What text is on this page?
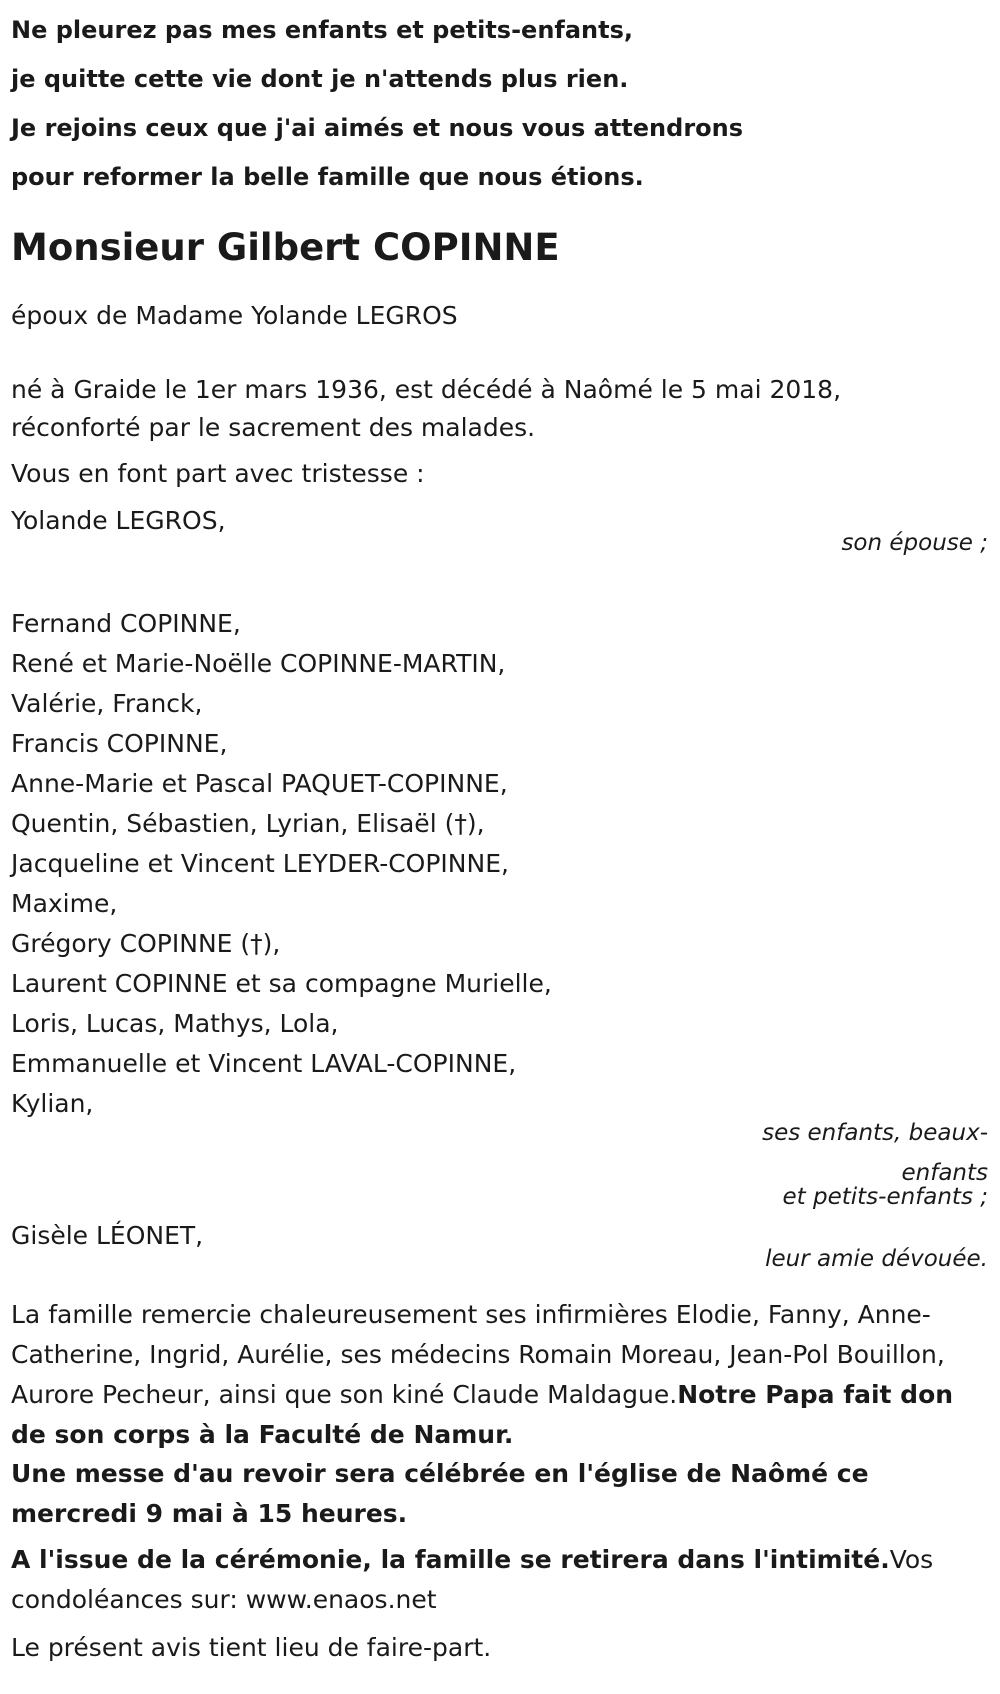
Ne pleurez pas mes enfants et petits-enfants,
je quitte cette vie dont je n'attends plus rien.
Je rejoins ceux que j'ai aimés et nous vous attendrons
pour reformer la belle famille que nous étions.
Monsieur Gilbert COPINNE
époux de Madame Yolande LEGROS
né à Graide le 1er mars 1936, est décédé à Naômé le 5 mai 2018,
réconforté par le sacrement des malades.
Vous en font part avec tristesse :
Yolande LEGROS,
son épouse ;
Fernand COPINNE,
René et Marie-Noëlle COPINNE-MARTIN,
Valérie, Franck,
Francis COPINNE,
Anne-Marie et Pascal PAQUET-COPINNE,
Quentin, Sébastien, Lyrian, Elisaël (†),
Jacqueline et Vincent LEYDER-COPINNE,
Maxime,
Grégory COPINNE (†),
Laurent COPINNE et sa compagne Murielle,
Loris, Lucas, Mathys, Lola,
Emmanuelle et Vincent LAVAL-COPINNE,
Kylian,
ses enfants, beaux-
enfants
et petits-enfants ;
Gisèle LÉONET,
leur amie dévouée.
La famille remercie chaleureusement ses infirmières Elodie, Fanny, Anne-Catherine, Ingrid, Aurélie, ses médecins Romain Moreau, Jean-Pol Bouillon, Aurore Pecheur, ainsi que son kiné Claude Maldague.Notre Papa fait don de son corps à la Faculté de Namur.
Une messe d'au revoir sera célébrée en l'église de Naômé ce mercredi 9 mai à 15 heures.
A l'issue de la cérémonie, la famille se retirera dans l'intimité.Vos condoléances sur: www.enaos.net
Le présent avis tient lieu de faire-part.
